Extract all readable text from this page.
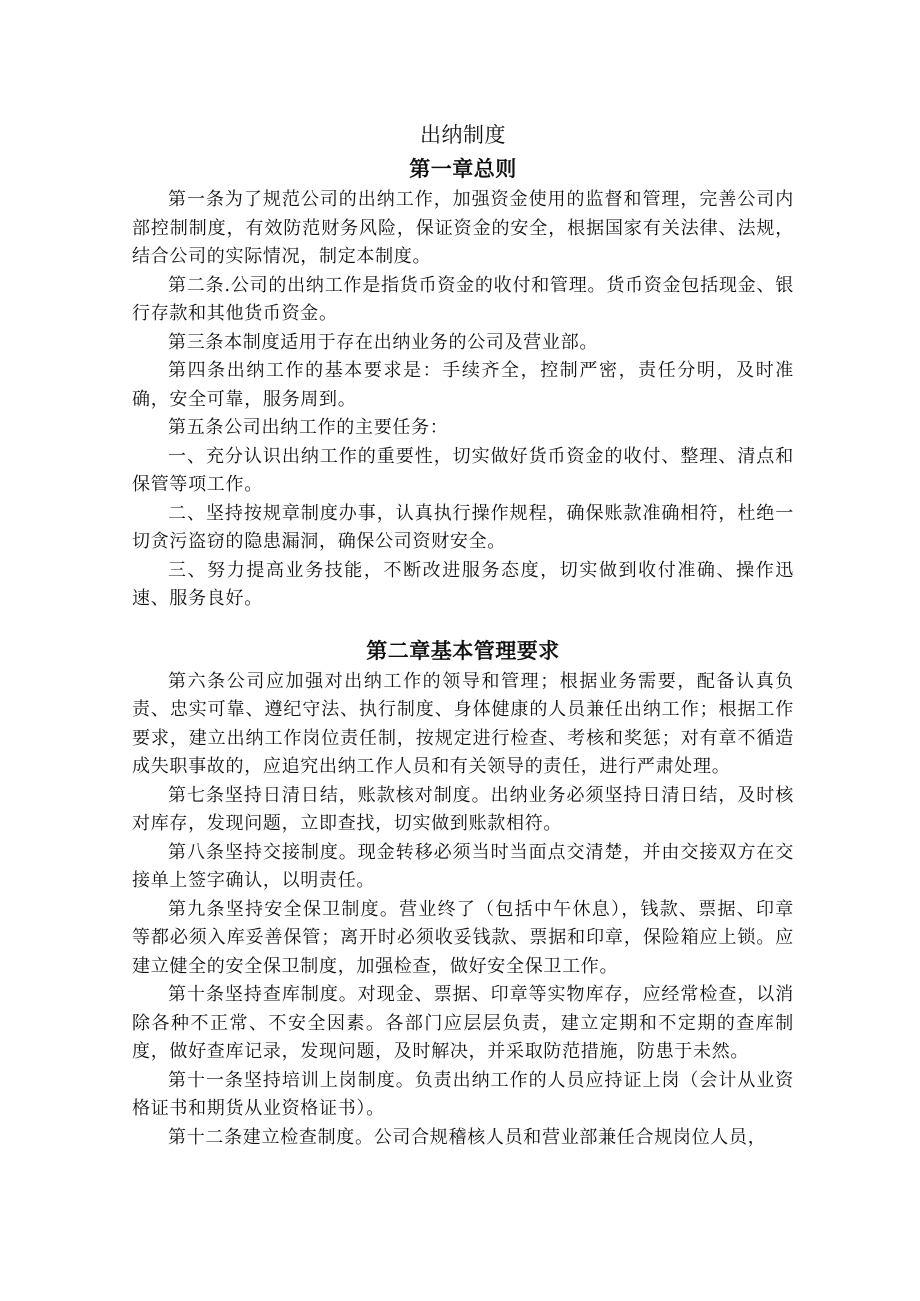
出纳制度
第一章总则

第一条为了规范公司的出纳工作，加强资金使用的监督和管理，完善公司内部控制制度，有效防范财务风险，保证资金的安全，根据国家有关法律、法规，结合公司的实际情况，制定本制度。

第二条.公司的出纳工作是指货币资金的收付和管理。货币资金包括现金、银行存款和其他货币资金。

第三条本制度适用于存在出纳业务的公司及营业部。

第四条出纳工作的基本要求是：手续齐全，控制严密，责任分明，及时准确，安全可靠，服务周到。

第五条公司出纳工作的主要任务：

一、充分认识出纳工作的重要性，切实做好货币资金的收付、整理、清点和保管等项工作。

二、坚持按规章制度办事，认真执行操作规程，确保账款准确相符，杜绝一切贪污盗窃的隐患漏洞，确保公司资财安全。

三、努力提高业务技能，不断改进服务态度，切实做到收付准确、操作迅速、服务良好。

第二章基本管理要求

第六条公司应加强对出纳工作的领导和管理；根据业务需要，配备认真负责、忠实可靠、遵纪守法、执行制度、身体健康的人员兼任出纳工作；根据工作要求，建立出纳工作岗位责任制，按规定进行检查、考核和奖惩；对有章不循造成失职事故的，应追究出纳工作人员和有关领导的责任，进行严肃处理。

第七条坚持日清日结，账款核对制度。出纳业务必须坚持日清日结，及时核对库存，发现问题，立即查找，切实做到账款相符。

第八条坚持交接制度。现金转移必须当时当面点交清楚，并由交接双方在交接单上签字确认，以明责任。

第九条坚持安全保卫制度。营业终了（包括中午休息），钱款、票据、印章等都必须入库妥善保管；离开时必须收妥钱款、票据和印章，保险箱应上锁。应建立健全的安全保卫制度，加强检查，做好安全保卫工作。

第十条坚持查库制度。对现金、票据、印章等实物库存，应经常检查，以消除各种不正常、不安全因素。各部门应层层负责，建立定期和不定期的查库制度，做好查库记录，发现问题，及时解决，并采取防范措施，防患于未然。

第十一条坚持培训上岗制度。负责出纳工作的人员应持证上岗（会计从业资格证书和期货从业资格证书）。

第十二条建立检查制度。公司合规稽核人员和营业部兼任合规岗位人员，
